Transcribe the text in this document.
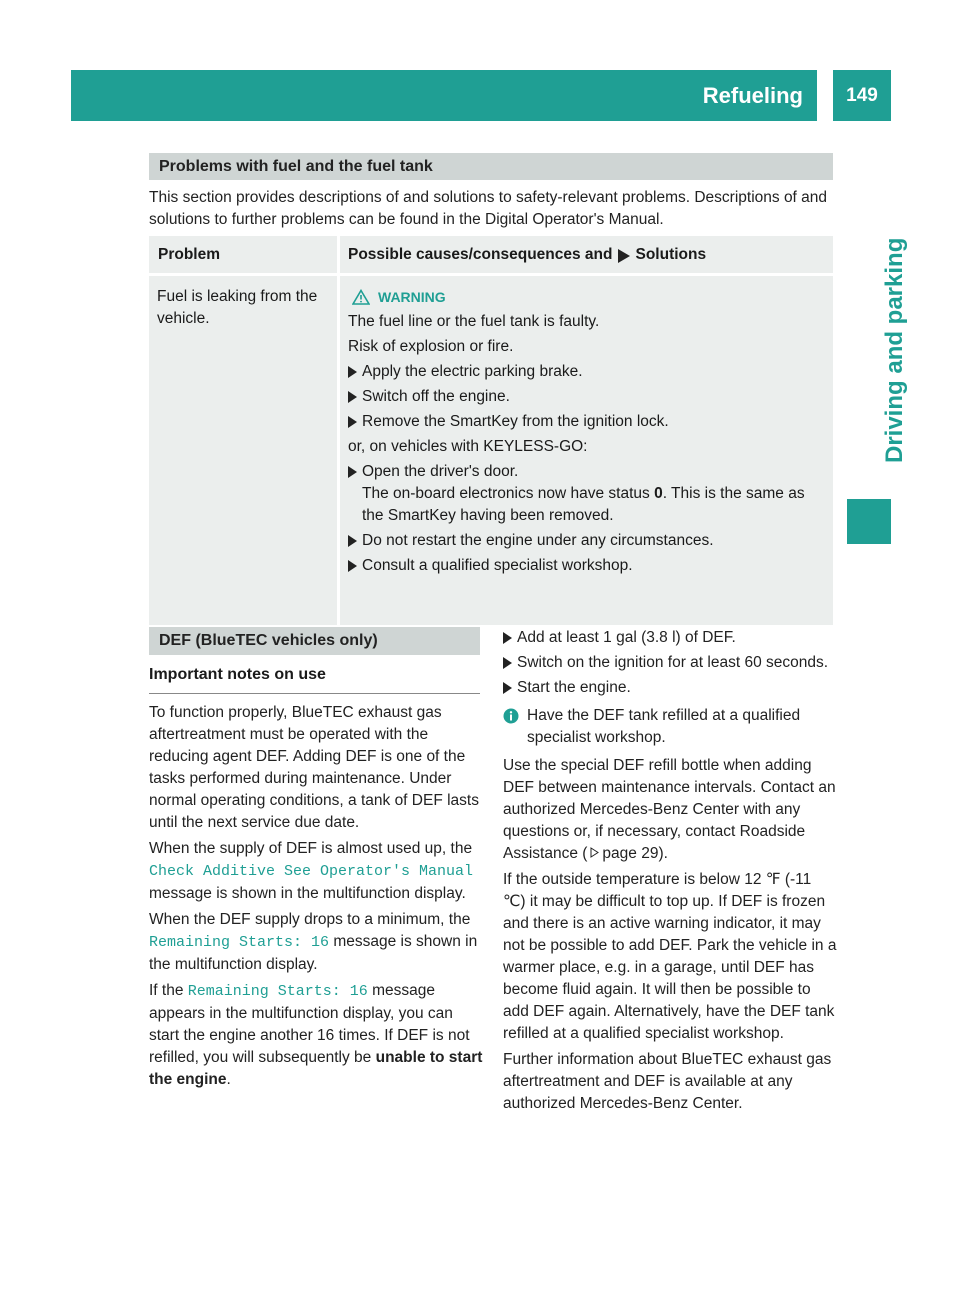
Refueling	149
Driving and parking
Problems with fuel and the fuel tank
This section provides descriptions of and solutions to safety-relevant problems. Descriptions of and solutions to further problems can be found in the Digital Operator's Manual.
Problem	Possible causes/consequences and Solutions
Fuel is leaking from the vehicle.
WARNING
The fuel line or the fuel tank is faulty.
Risk of explosion or fire.
Apply the electric parking brake.
Switch off the engine.
Remove the SmartKey from the ignition lock.
or, on vehicles with KEYLESS-GO:
Open the driver's door.
The on-board electronics now have status 0. This is the same as the SmartKey having been removed.
Do not restart the engine under any circumstances.
Consult a qualified specialist workshop.
DEF (BlueTEC vehicles only)
Important notes on use

To function properly, BlueTEC exhaust gas aftertreatment must be operated with the reducing agent DEF. Adding DEF is one of the tasks performed during maintenance. Under normal operating conditions, a tank of DEF lasts until the next service due date.

When the supply of DEF is almost used up, the Check Additive See Operator's Manual message is shown in the multifunction display.

When the DEF supply drops to a minimum, the Remaining Starts: 16 message is shown in the multifunction display.

If the Remaining Starts: 16 message appears in the multifunction display, you can start the engine another 16 times. If DEF is not refilled, you will subsequently be unable to start the engine.

Add at least 1 gal (3.8 l) of DEF.
Switch on the ignition for at least 60 seconds.
Start the engine.
Have the DEF tank refilled at a qualified specialist workshop.

Use the special DEF refill bottle when adding DEF between maintenance intervals. Contact an authorized Mercedes-Benz Center with any questions or, if necessary, contact Roadside Assistance ( page 29).

If the outside temperature is below 12 ℉ (-11 ℃) it may be difficult to top up. If DEF is frozen and there is an active warning indicator, it may not be possible to add DEF. Park the vehicle in a warmer place, e.g. in a garage, until DEF has become fluid again. It will then be possible to add DEF again. Alternatively, have the DEF tank refilled at a qualified specialist workshop.

Further information about BlueTEC exhaust gas aftertreatment and DEF is available at any authorized Mercedes-Benz Center.
